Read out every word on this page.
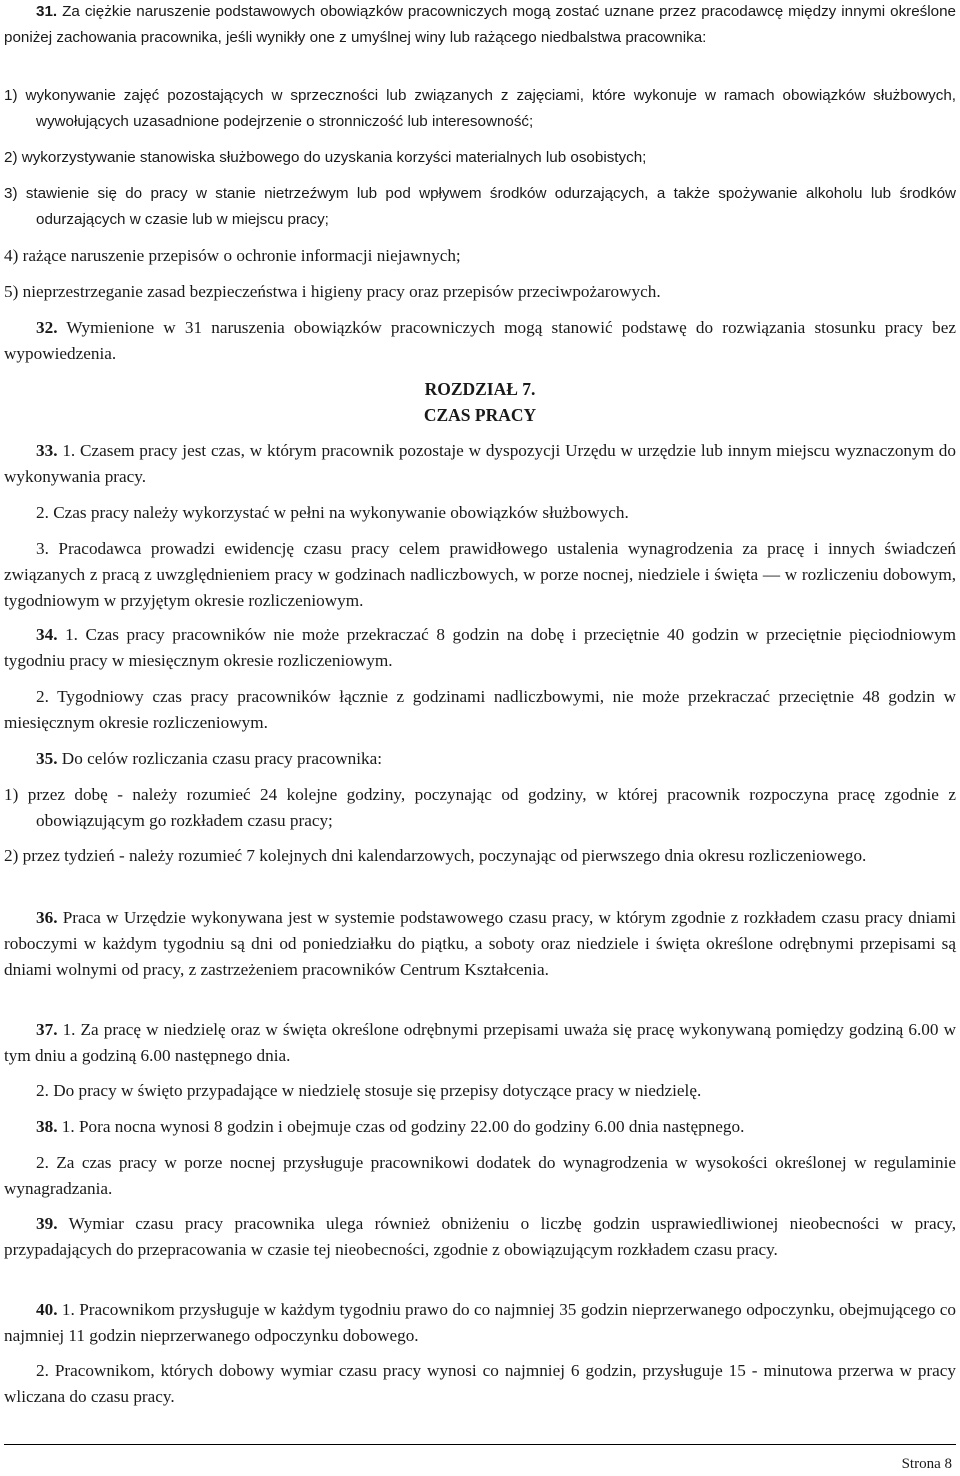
31. Za ciężkie naruszenie podstawowych obowiązków pracowniczych mogą zostać uznane przez pracodawcę między innymi określone poniżej zachowania pracownika, jeśli wynikły one z umyślnej winy lub rażącego niedbalstwa pracownika:

1) wykonywanie zajęć pozostających w sprzeczności lub związanych z zajęciami, które wykonuje w ramach obowiązków służbowych, wywołujących uzasadnione podejrzenie o stronniczość lub interesowność;

2) wykorzystywanie stanowiska służbowego do uzyskania korzyści materialnych lub osobistych;

3) stawienie się do pracy w stanie nietrzeźwym lub pod wpływem środków odurzających, a także spożywanie alkoholu lub środków odurzających w czasie lub w miejscu pracy;

4) rażące naruszenie przepisów o ochronie informacji niejawnych;

5) nieprzestrzeganie zasad bezpieczeństwa i higieny pracy oraz przepisów przeciwpożarowych.

32. Wymienione w 31 naruszenia obowiązków pracowniczych mogą stanowić podstawę do rozwiązania stosunku pracy bez wypowiedzenia.

ROZDZIAŁ 7.

CZAS PRACY

33. 1. Czasem pracy jest czas, w którym pracownik pozostaje w dyspozycji Urzędu w urzędzie lub innym miejscu wyznaczonym do wykonywania pracy.

2. Czas pracy należy wykorzystać w pełni na wykonywanie obowiązków służbowych.

3. Pracodawca prowadzi ewidencję czasu pracy celem prawidłowego ustalenia wynagrodzenia za pracę i innych świadczeń związanych z pracą z uwzględnieniem pracy w godzinach nadliczbowych, w porze nocnej, niedziele i święta — w rozliczeniu dobowym, tygodniowym w przyjętym okresie rozliczeniowym.

34. 1. Czas pracy pracowników nie może przekraczać 8 godzin na dobę i przeciętnie 40 godzin w przeciętnie pięciodniowym tygodniu pracy w miesięcznym okresie rozliczeniowym.

2. Tygodniowy czas pracy pracowników łącznie z godzinami nadliczbowymi, nie może przekraczać przeciętnie 48 godzin w miesięcznym okresie rozliczeniowym.

35. Do celów rozliczania czasu pracy pracownika:

1) przez dobę - należy rozumieć 24 kolejne godziny, poczynając od godziny, w której pracownik rozpoczyna pracę zgodnie z obowiązującym go rozkładem czasu pracy;

2) przez tydzień - należy rozumieć 7 kolejnych dni kalendarzowych, poczynając od pierwszego dnia okresu rozliczeniowego.

36. Praca w Urzędzie wykonywana jest w systemie podstawowego czasu pracy, w którym zgodnie z rozkładem czasu pracy dniami roboczymi w każdym tygodniu są dni od poniedziałku do piątku, a soboty oraz niedziele i święta określone odrębnymi przepisami są dniami wolnymi od pracy, z zastrzeżeniem pracowników Centrum Kształcenia.

37. 1. Za pracę w niedzielę oraz w święta określone odrębnymi przepisami uważa się pracę wykonywaną pomiędzy godziną 6.00 w tym dniu a godziną 6.00 następnego dnia.

2. Do pracy w święto przypadające w niedzielę stosuje się przepisy dotyczące pracy w niedzielę.

38. 1. Pora nocna wynosi 8 godzin i obejmuje czas od godziny 22.00 do godziny 6.00 dnia następnego.

2. Za czas pracy w porze nocnej przysługuje pracownikowi dodatek do wynagrodzenia w wysokości określonej w regulaminie wynagradzania.

39. Wymiar czasu pracy pracownika ulega również obniżeniu o liczbę godzin usprawiedliwionej nieobecności w pracy, przypadających do przepracowania w czasie tej nieobecności, zgodnie z obowiązującym rozkładem czasu pracy.

40. 1. Pracownikom przysługuje w każdym tygodniu prawo do co najmniej 35 godzin nieprzerwanego odpoczynku, obejmującego co najmniej 11 godzin nieprzerwanego odpoczynku dobowego.

2. Pracownikom, których dobowy wymiar czasu pracy wynosi co najmniej 6 godzin, przysługuje 15 - minutowa przerwa w pracy wliczana do czasu pracy.

Strona 8
